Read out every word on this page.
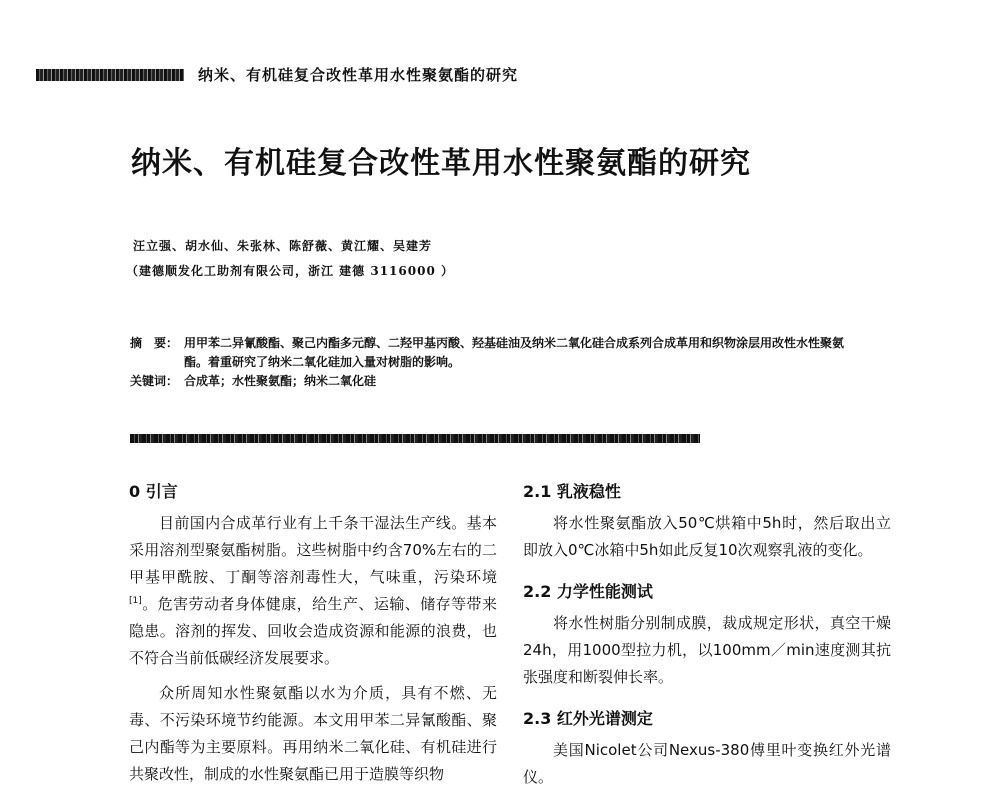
纳米、有机硅复合改性革用水性聚氨酯的研究
纳米、有机硅复合改性革用水性聚氨酯的研究
汪立强、胡水仙、朱张林、陈舒薇、黄江耀、吴建芳
（建德顺发化工助剂有限公司，浙江 建德 3116000 ）
摘　要： 用甲苯二异氰酸酯、聚己内酯多元醇、二羟甲基丙酸、羟基硅油及纳米二氧化硅合成系列合成革用和织物涂层用改性水性聚氨酯。着重研究了纳米二氧化硅加入量对树脂的影响。
关键词： 合成革；水性聚氨酯；纳米二氧化硅
0 引言
目前国内合成革行业有上千条干湿法生产线。基本采用溶剂型聚氨酯树脂。这些树脂中约含70%左右的二甲基甲酰胺、丁酮等溶剂毒性大，气味重，污染环境[1]。危害劳动者身体健康，给生产、运输、储存等带来隐患。溶剂的挥发、回收会造成资源和能源的浪费，也不符合当前低碳经济发展要求。
众所周知水性聚氨酯以水为介质，具有不燃、无毒、不污染环境节约能源。本文用甲苯二异氰酸酯、聚己内酯等为主要原料。再用纳米二氧化硅、有机硅进行共聚改性，制成的水性聚氨酯已用于造膜等织物
2.1 乳液稳性
将水性聚氨酯放入50℃烘箱中5h时，然后取出立即放入0℃冰箱中5h如此反复10次观察乳液的变化。
2.2 力学性能测试
将水性树脂分别制成膜，裁成规定形状，真空干燥24h，用1000型拉力机，以100mm／min速度测其抗张强度和断裂伸长率。
2.3 红外光谱测定
美国Nicolet公司Nexus-380傅里叶变换红外光谱仪。
